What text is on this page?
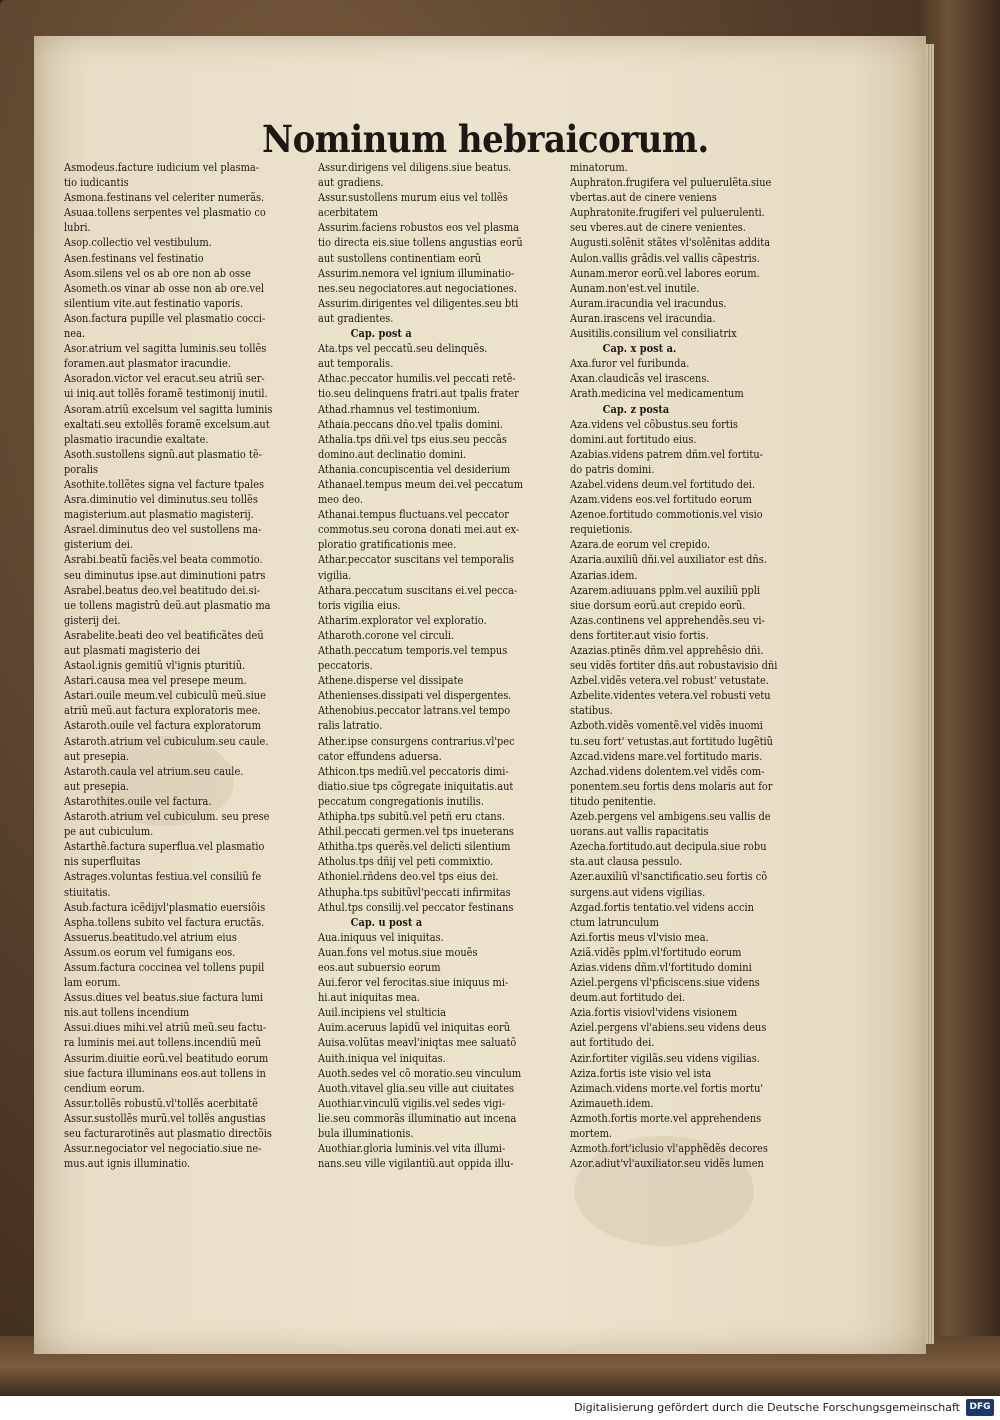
Nominum hebraicorum.
Asmodeus.facture iudicium vel plasma-
tio iudicantis
Asmona.festinans vel celeriter numerãs.
Asuaa.tollens serpentes vel plasmatio co
lubri.
Asop.collectio vel vestibulum.
Asen.festinans vel festinatio
Asom.silens vel os ab ore non ab osse
Asometh.os vinar ab osse non ab ore.vel
silentium vite.aut festinatio vaporis.
Ason.factura pupille vel plasmatio cocci-
nea.
Asor.atrium vel sagitta luminis.seu tollẽs
foramen.aut plasmator iracundie.
Asoradon.victor vel eracut.seu atriũ ser-
ui iniq.aut tollẽs foramẽ testimonij inutil.
Asoram.atriũ excelsum vel sagitta luminis
exaltati.seu extollẽs foramẽ excelsum.aut
plasmatio iracundie exaltate.
Asoth.sustollens signũ.aut plasmatio tẽ-
poralis
Asothite.tollẽtes signa vel facture tpales
Asra.diminutio vel diminutus.seu tollẽs
magisterium.aut plasmatio magisterij.
Asrael.diminutus deo vel sustollens ma-
gisterium dei.
Asrabi.beatũ faciẽs.vel beata commotio.
seu diminutus ipse.aut diminutioni patrs
Asrabel.beatus deo.vel beatitudo dei.si-
ue tollens magistrũ deũ.aut plasmatio ma
gisterij dei.
Asrabelite.beati deo vel beatificãtes deũ
aut plasmati magisterio dei
Astaol.ignis gemitiũ vl'ignis pturitiũ.
Astari.causa mea vel presepe meum.
Astari.ouile meum.vel cubiculũ meũ.siue
atriũ meũ.aut factura exploratoris mee.
Astaroth.ouile vel factura exploratorum
Astaroth.atrium vel cubiculum.seu caule.
aut presepia.
Astaroth.caula vel atrium.seu caule.
aut presepia.
Astarothites.ouile vel factura.
Astaroth.atrium vel cubiculum. seu prese
pe aut cubiculum.
Astarthẽ.factura superflua.vel plasmatio
nis superfluitas
Astrages.voluntas festiua.vel consiliũ fe
stiuitatis.
Asub.factura icẽdijvl'plasmatio euersiõis
Aspha.tollens subito vel factura eructãs.
Assuerus.beatitudo.vel atrium eius
Assum.os eorum vel fumigans eos.
Assum.factura coccinea vel tollens pupil
lam eorum.
Assus.diues vel beatus.siue factura lumi
nis.aut tollens incendium
Assui.diues mihi.vel atriũ meũ.seu factu-
ra luminis mei.aut tollens.incendiũ meũ
Assurim.diuitie eorũ.vel beatitudo eorum
siue factura illuminans eos.aut tollens in
cendium eorum.
Assur.tollẽs robustũ.vl'tollẽs acerbitatẽ
Assur.sustollẽs murũ.vel tollẽs angustias
seu facturarotinẽs aut plasmatio directõis
Assur.negociator vel negociatio.siue ne-
mus.aut ignis illuminatio.
Assur.dirigens vel diligens.siue beatus.
aut gradiens.
Assur.sustollens murum eius vel tollẽs
acerbitatem
Assurim.faciens robustos eos vel plasma
tio directa eis.siue tollens angustias eorũ
aut sustollens continentiam eorũ
Assurim.nemora vel ignium illuminatio-
nes.seu negociatores.aut negociationes.
Assurim.dirigentes vel diligentes.seu bti
aut gradientes.
Cap. post a
Ata.tps vel peccatũ.seu delinquẽs.
aut temporalis.
Athac.peccator humilis.vel peccati retẽ-
tio.seu delinquens fratri.aut tpalis frater
Athad.rhamnus vel testimonium.
Athaia.peccans dño.vel tpalis domini.
Athalia.tps dñi.vel tps eius.seu peccãs
domino.aut declinatio domini.
Athania.concupiscentia vel desiderium
Athanael.tempus meum dei.vel peccatum
meo deo.
Athanai.tempus fluctuans.vel peccator
commotus.seu corona donati mei.aut ex-
ploratio gratificationis mee.
Athar.peccator suscitans vel temporalis
vigilia.
Athara.peccatum suscitans ei.vel pecca-
toris vigilia eius.
Atharim.explorator vel exploratio.
Atharoth.corone vel circuli.
Athath.peccatum temporis.vel tempus
peccatoris.
Athene.disperse vel dissipate
Athenienses.dissipati vel dispergentes.
Athenobius.peccator latrans.vel tempo
ralis latratio.
Ather.ipse consurgens contrarius.vl'pec
cator effundens aduersa.
Athicon.tps mediũ.vel peccatoris dimi-
diatio.siue tps cõgregate iniquitatis.aut
peccatum congregationis inutilis.
Athipha.tps subitũ.vel petñ eru ctans.
Athil.peccati germen.vel tps inueterans
Athitha.tps querẽs.vel delicti silentium
Atholus.tps dñij vel peti commixtio.
Athoniel.rñdens deo.vel tps eius dei.
Athupha.tps subitũvl'peccati infirmitas
Athul.tps consilij.vel peccator festinans
Cap. u post a
Aua.iniquus vel iniquitas.
Auan.fons vel motus.siue mouẽs
eos.aut subuersio eorum
Aui.feror vel ferocitas.siue iniquus mi-
hi.aut iniquitas mea.
Auil.incipiens vel stulticia
Auim.aceruus lapidũ vel iniquitas eorũ
Auisa.volũtas meavl'iniqtas mee saluatõ
Auith.iniqua vel iniquitas.
Auoth.sedes vel cõ moratio.seu vinculum
Auoth.vitavel glia.seu ville aut ciuitates
Auothiar.vinculũ vigilis.vel sedes vigi-
lie.seu commorãs illuminatio aut incena
bula illuminationis.
Auothiar.gloria luminis.vel vita illumi-
nans.seu ville vigilantiũ.aut oppida illu-
minatorum.
Auphraton.frugifera vel puluerulẽta.siue
vbertas.aut de cinere veniens
Auphratonite.frugiferi vel puluerulenti.
seu vberes.aut de cinere venientes.
Augusti.solẽnit stãtes vl'solẽnitas addita
Aulon.vallis grãdis.vel vallis cãpestris.
Aunam.meror eorũ.vel labores eorum.
Aunam.non'est.vel inutile.
Auram.iracundia vel iracundus.
Auran.irascens vel iracundia.
Ausitilis.consilium vel consiliatrix
Cap. x post a.
Axa.furor vel furibunda.
Axan.claudicãs vel irascens.
Arath.medicina vel medicamentum
Cap. z posta
Aza.videns vel cõbustus.seu fortis
domini.aut fortitudo eius.
Azabias.videns patrem dñm.vel fortitu-
do patris domini.
Azabel.videns deum.vel fortitudo dei.
Azam.videns eos.vel fortitudo eorum
Azenoe.fortitudo commotionis.vel visio
requietionis.
Azara.de eorum vel crepido.
Azaria.auxiliũ dñi.vel auxiliator est dñs.
Azarias.idem.
Azarem.adiuuans pplm.vel auxiliũ ppli
siue dorsum eorũ.aut crepido eorũ.
Azas.continens vel apprehendẽs.seu vi-
dens fortiter.aut visio fortis.
Azazias.ptinẽs dñm.vel apprehẽsio dñi.
seu vidẽs fortiter dñs.aut robustavisio dñi
Azbel.vidẽs vetera.vel robust' vetustate.
Azbelite.videntes vetera.vel robusti vetu
statibus.
Azboth.vidẽs vomentẽ.vel vidẽs inuomi
tu.seu fort' vetustas.aut fortitudo lugẽtiũ
Azcad.videns mare.vel fortitudo maris.
Azchad.videns dolentem.vel vidẽs com-
ponentem.seu fortis dens molaris aut for
titudo penitentie.
Azeb.pergens vel ambigens.seu vallis de
uorans.aut vallis rapacitatis
Azecha.fortitudo.aut decipula.siue robu
sta.aut clausa pessulo.
Azer.auxiliũ vl'sanctificatio.seu fortis cõ
surgens.aut videns vigilias.
Azgad.fortis tentatio.vel videns accin
ctum latrunculum
Azi.fortis meus vl'visio mea.
Aziã.vidẽs pplm.vl'fortitudo eorum
Azias.videns dñm.vl'fortitudo domini
Aziel.pergens vl'pficiscens.siue videns
deum.aut fortitudo dei.
Azia.fortis visiovl'videns visionem
Aziel.pergens vl'abiens.seu videns deus
aut fortitudo dei.
Azir.fortiter vigilãs.seu videns vigilias.
Aziza.fortis iste visio vel ista
Azimach.videns morte.vel fortis mortu'
Azimaueth.idem.
Azmoth.fortis morte.vel apprehendens
mortem.
Azmoth.fort'iclusio vl'apphẽdẽs decores
Azor.adiut'vl'auxiliator.seu vidẽs lumen
Digitalisierung gefördert durch die Deutsche Forschungsgemeinschaft	DFG
